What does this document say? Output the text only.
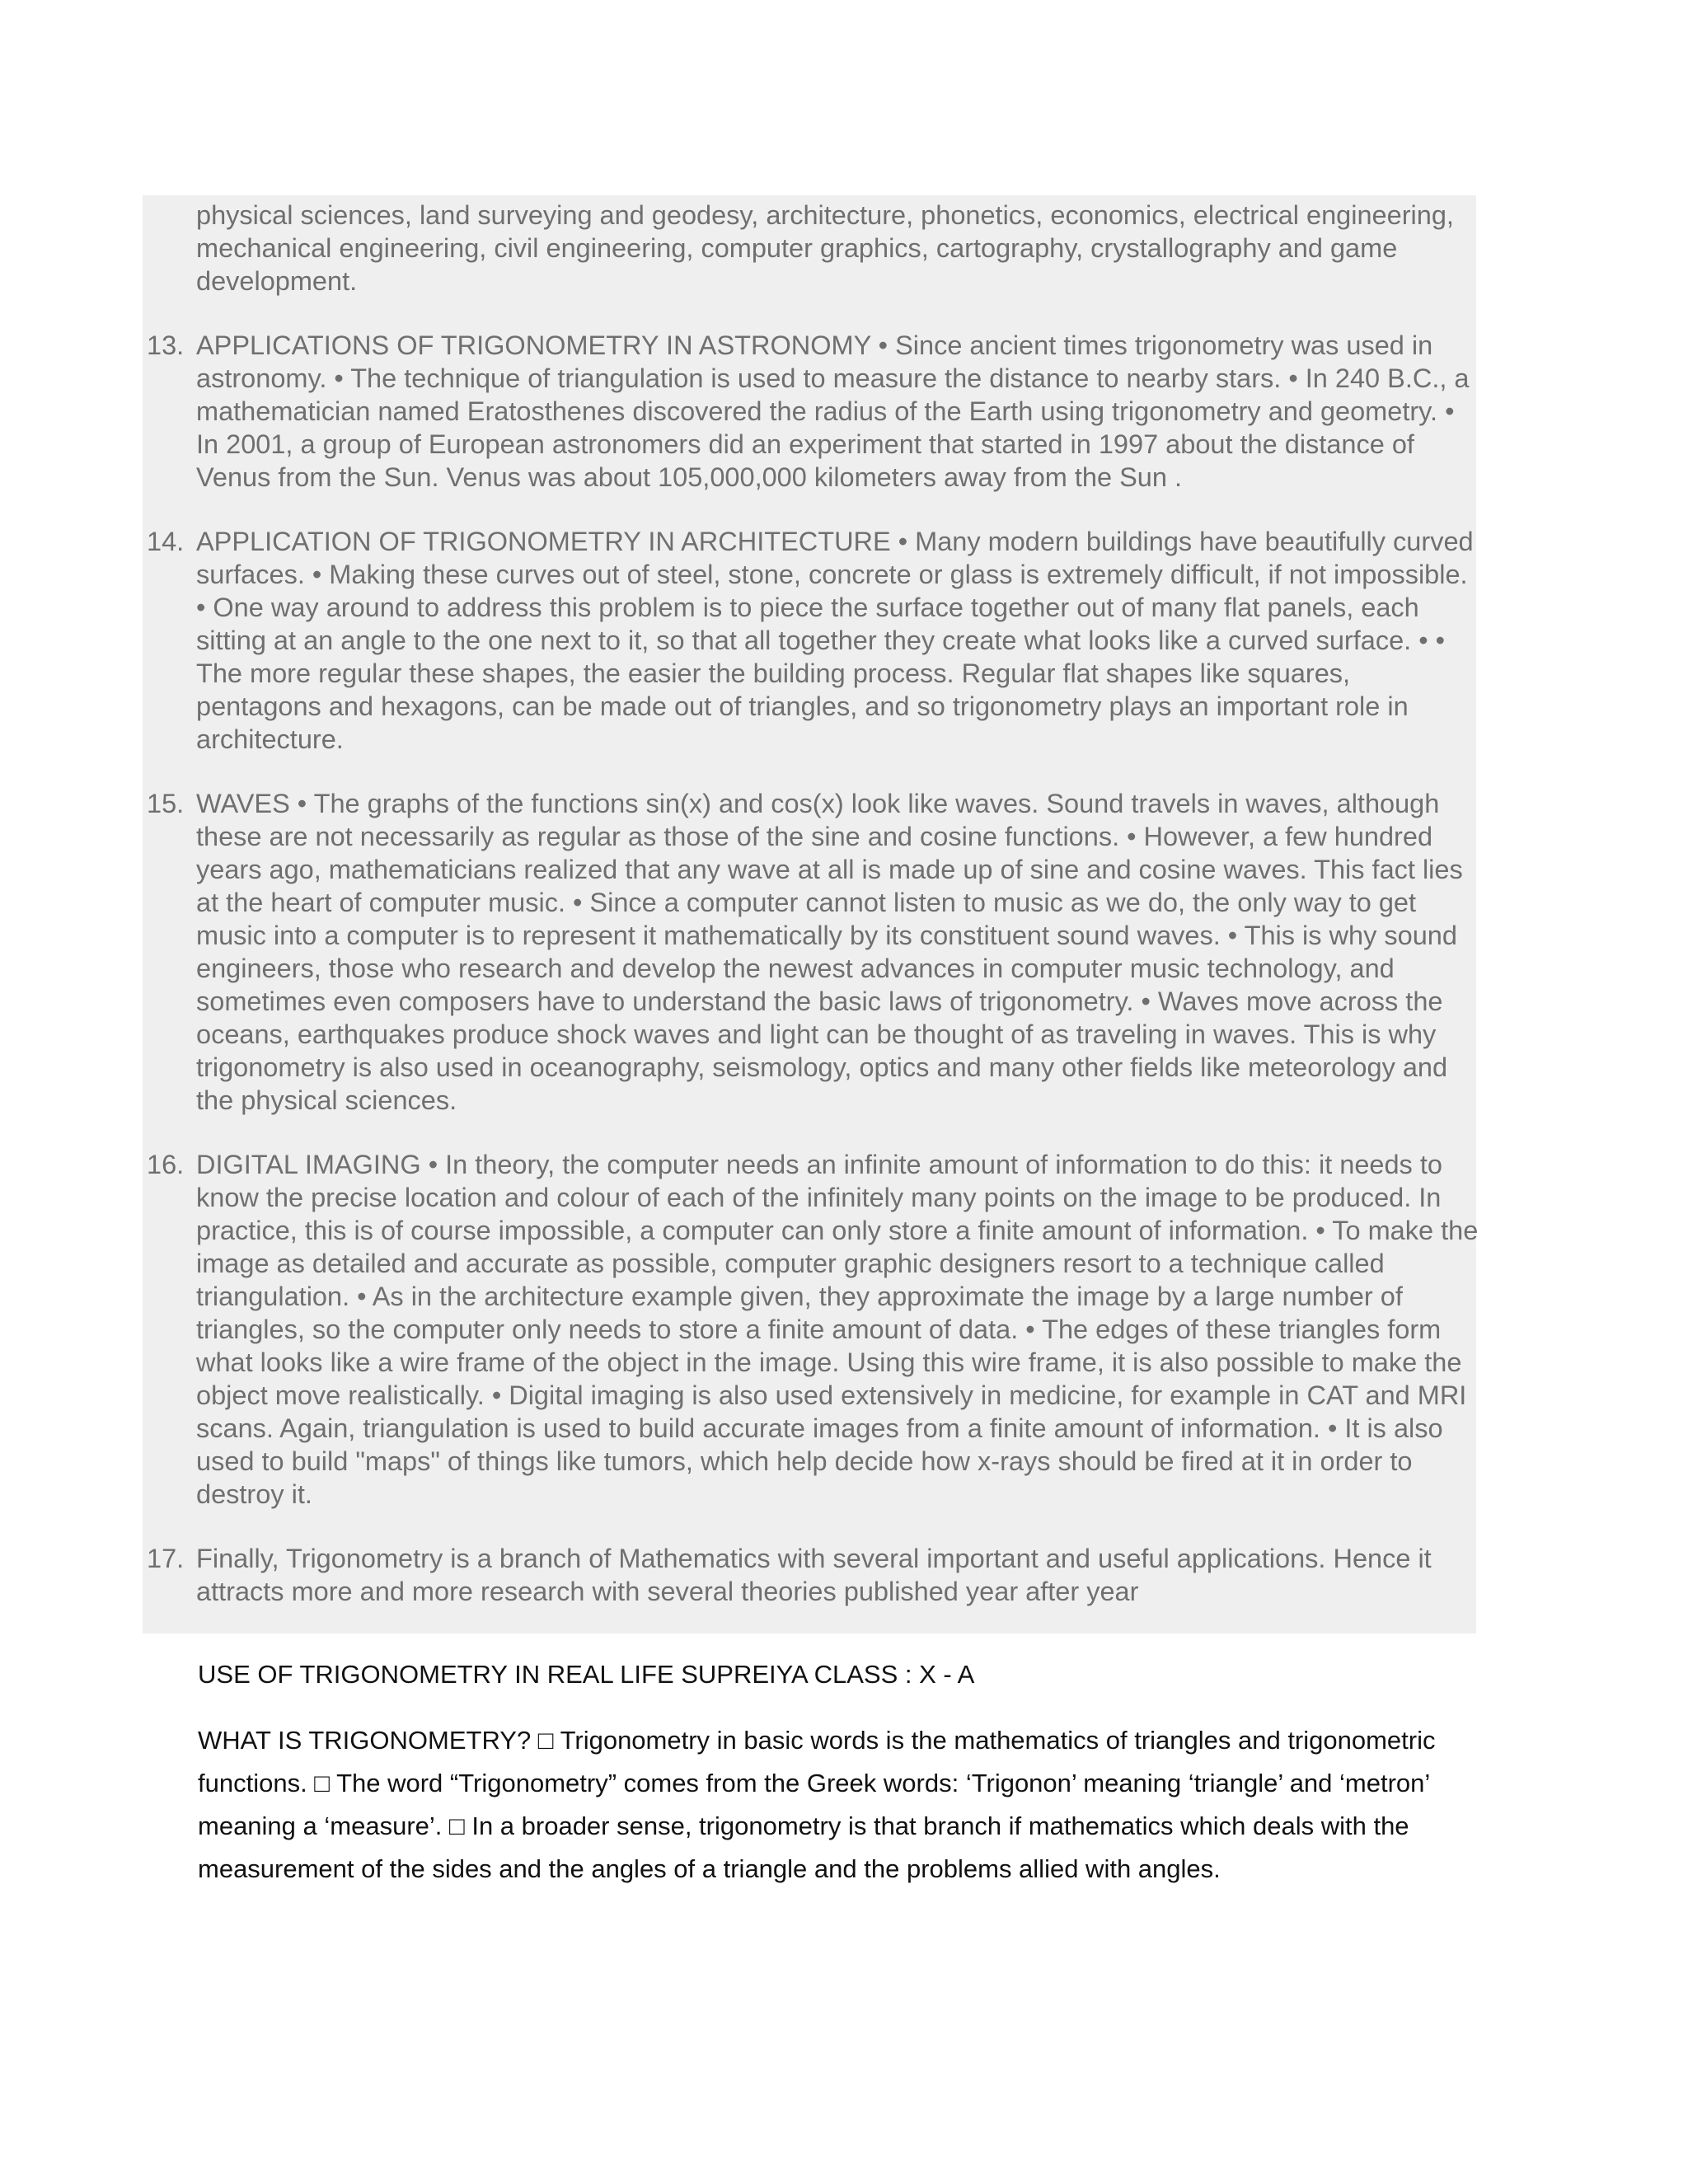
physical sciences, land surveying and geodesy, architecture, phonetics, economics, electrical engineering, mechanical engineering, civil engineering, computer graphics, cartography, crystallography and game development.

13. APPLICATIONS OF TRIGONOMETRY IN ASTRONOMY • Since ancient times trigonometry was used in astronomy. • The technique of triangulation is used to measure the distance to nearby stars. • In 240 B.C., a mathematician named Eratosthenes discovered the radius of the Earth using trigonometry and geometry. • In 2001, a group of European astronomers did an experiment that started in 1997 about the distance of Venus from the Sun. Venus was about 105,000,000 kilometers away from the Sun .
14. APPLICATION OF TRIGONOMETRY IN ARCHITECTURE • Many modern buildings have beautifully curved surfaces. • Making these curves out of steel, stone, concrete or glass is extremely difficult, if not impossible. • One way around to address this problem is to piece the surface together out of many flat panels, each sitting at an angle to the one next to it, so that all together they create what looks like a curved surface. • • The more regular these shapes, the easier the building process. Regular flat shapes like squares, pentagons and hexagons, can be made out of triangles, and so trigonometry plays an important role in architecture.
15. WAVES • The graphs of the functions sin(x) and cos(x) look like waves. Sound travels in waves, although these are not necessarily as regular as those of the sine and cosine functions. • However, a few hundred years ago, mathematicians realized that any wave at all is made up of sine and cosine waves. This fact lies at the heart of computer music. • Since a computer cannot listen to music as we do, the only way to get music into a computer is to represent it mathematically by its constituent sound waves. • This is why sound engineers, those who research and develop the newest advances in computer music technology, and sometimes even composers have to understand the basic laws of trigonometry. • Waves move across the oceans, earthquakes produce shock waves and light can be thought of as traveling in waves. This is why trigonometry is also used in oceanography, seismology, optics and many other fields like meteorology and the physical sciences.
16. DIGITAL IMAGING • In theory, the computer needs an infinite amount of information to do this: it needs to know the precise location and colour of each of the infinitely many points on the image to be produced. In practice, this is of course impossible, a computer can only store a finite amount of information. • To make the image as detailed and accurate as possible, computer graphic designers resort to a technique called triangulation. • As in the architecture example given, they approximate the image by a large number of triangles, so the computer only needs to store a finite amount of data. • The edges of these triangles form what looks like a wire frame of the object in the image. Using this wire frame, it is also possible to make the object move realistically. • Digital imaging is also used extensively in medicine, for example in CAT and MRI scans. Again, triangulation is used to build accurate images from a finite amount of information. • It is also used to build "maps" of things like tumors, which help decide how x-rays should be fired at it in order to destroy it.
17. Finally, Trigonometry is a branch of Mathematics with several important and useful applications. Hence it attracts more and more research with several theories published year after year

USE OF TRIGONOMETRY IN REAL LIFE SUPREIYA CLASS : X - A

WHAT IS TRIGONOMETRY? □ Trigonometry in basic words is the mathematics of triangles and trigonometric functions. □ The word “Trigonometry” comes from the Greek words: ‘Trigonon’ meaning ‘triangle’ and ‘metron’ meaning a ‘measure’. □ In a broader sense, trigonometry is that branch if mathematics which deals with the measurement of the sides and the angles of a triangle and the problems allied with angles.
